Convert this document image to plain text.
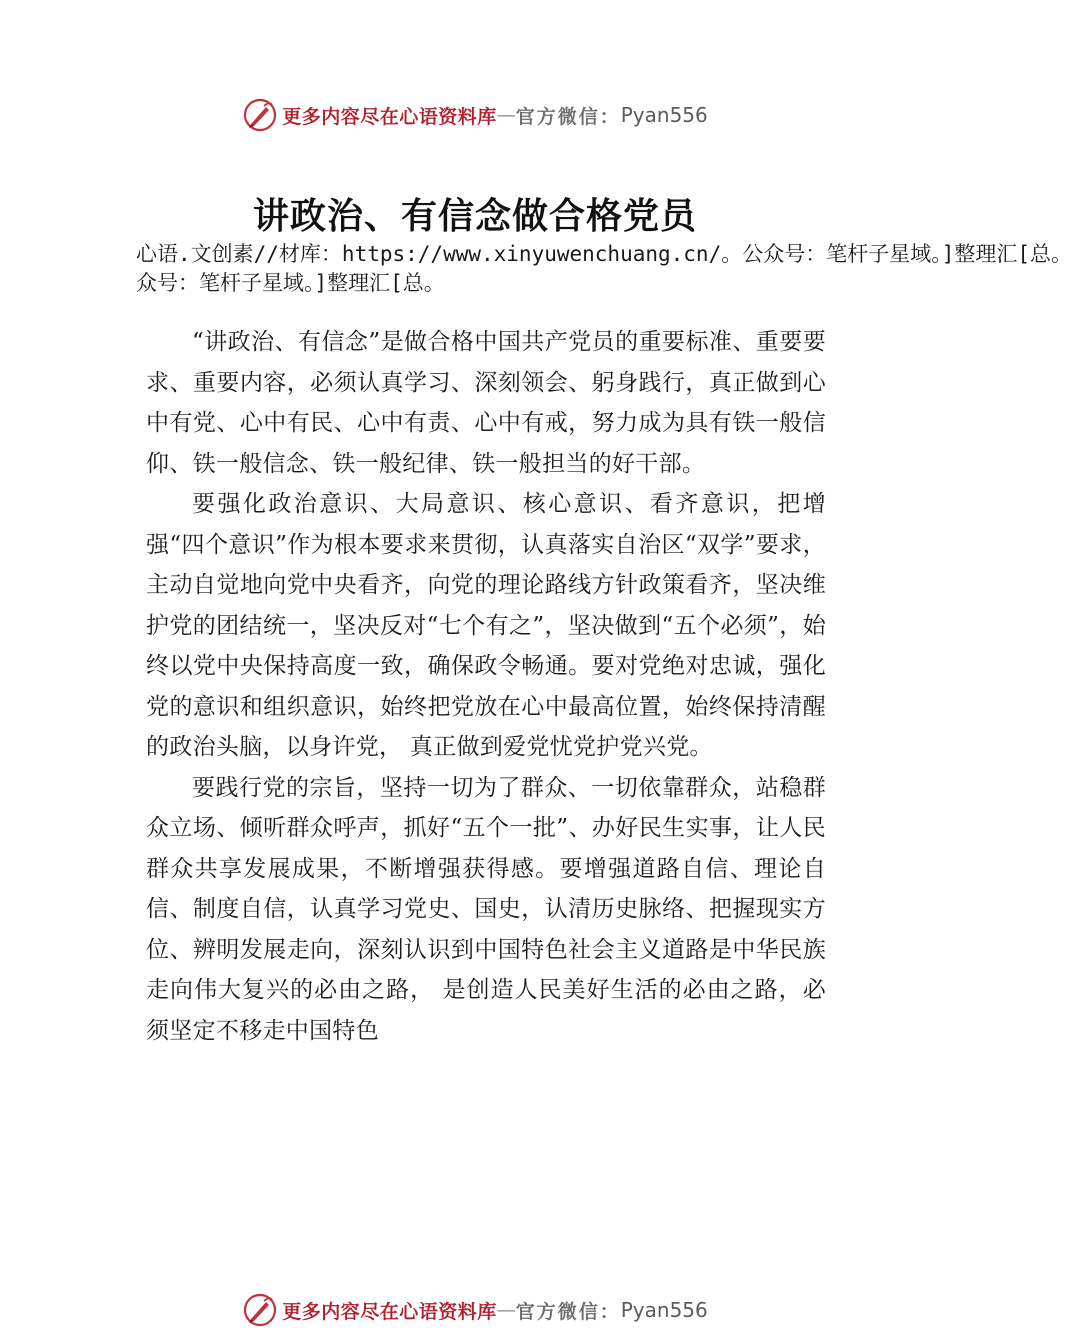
更多内容尽在心语资料库 — 官方微信： Pyan556
讲政治、有信念做合格党员
心语.文创素//材库：https://www.xinyuwenchuang.cn/。公众号：笔杆子星域。]整理汇[总。
众号：笔杆子星域。]整理汇[总。

“讲政治、有信念”是做合格中国共产党员的重要标准、重要要求、重要内容，必须认真学习、深刻领会、躬身践行，真正做到心中有党、心中有民、心中有责、心中有戒，努力成为具有铁一般信仰、铁一般信念、铁一般纪律、铁一般担当的好干部。

要强化政治意识、大局意识、核心意识、看齐意识，把增强“四个意识”作为根本要求来贯彻，认真落实自治区“双学”要求，主动自觉地向党中央看齐，向党的理论路线方针政策看齐，坚决维护党的团结统一，坚决反对“七个有之”，坚决做到“五个必须”，始终以党中央保持高度一致，确保政令畅通。要对党绝对忠诚，强化党的意识和组织意识，始终把党放在心中最高位置，始终保持清醒的政治头脑，以身许党， 真正做到爱党忧党护党兴党。

要践行党的宗旨，坚持一切为了群众、一切依靠群众，站稳群众立场、倾听群众呼声，抓好“五个一批”、办好民生实事，让人民群众共享发展成果，不断增强获得感。要增强道路自信、理论自信、制度自信，认真学习党史、国史，认清历史脉络、把握现实方位、辨明发展走向，深刻认识到中国特色社会主义道路是中华民族走向伟大复兴的必由之路， 是创造人民美好生活的必由之路，必须坚定不移走中国特色

更多内容尽在心语资料库 — 官方微信： Pyan556
